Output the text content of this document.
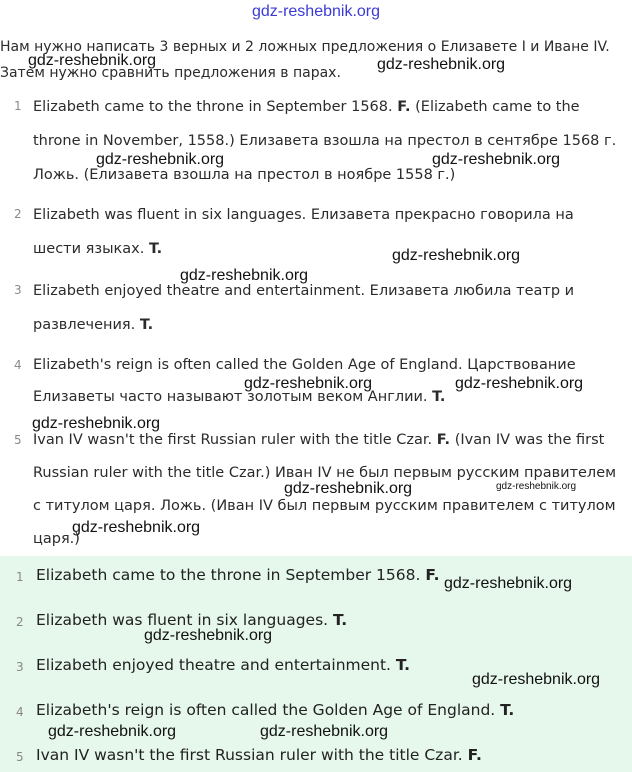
gdz-reshebnik.org

Нам нужно написать 3 верных и 2 ложных предложения о Елизавете I и Иване IV. Затем нужно сравнить предложения в парах.

1 Elizabeth came to the throne in September 1568. F. (Elizabeth came to the throne in November, 1558.) Елизавета взошла на престол в сентябре 1568 г. Ложь. (Елизавета взошла на престол в ноябре 1558 г.)
2 Elizabeth was fluent in six languages. Елизавета прекрасно говорила на шести языках. T.
3 Elizabeth enjoyed theatre and entertainment. Елизавета любила театр и развлечения. T.
4 Elizabeth's reign is often called the Golden Age of England. Царствование Елизаветы часто называют золотым веком Англии. T.
5 Ivan IV wasn't the first Russian ruler with the title Czar. F. (Ivan IV was the first Russian ruler with the title Czar.) Иван IV не был первым русским правителем с титулом царя. Ложь. (Иван IV был первым русским правителем с титулом царя.)
1 Elizabeth came to the throne in September 1568. F.
2 Elizabeth was fluent in six languages. T.
3 Elizabeth enjoyed theatre and entertainment. T.
4 Elizabeth's reign is often called the Golden Age of England. T.
5 Ivan IV wasn't the first Russian ruler with the title Czar. F.
gdz-reshebnik.org	gdz-reshebnik.org
gdz-reshebnik.org	gdz-reshebnik.org
gdz-reshebnik.org
gdz-reshebnik.org
gdz-reshebnik.org	gdz-reshebnik.org
gdz-reshebnik.org
gdz-reshebnik.org	gdz-reshebnik.org
gdz-reshebnik.org
gdz-reshebnik.org
gdz-reshebnik.org
gdz-reshebnik.org
gdz-reshebnik.org	gdz-reshebnik.org
